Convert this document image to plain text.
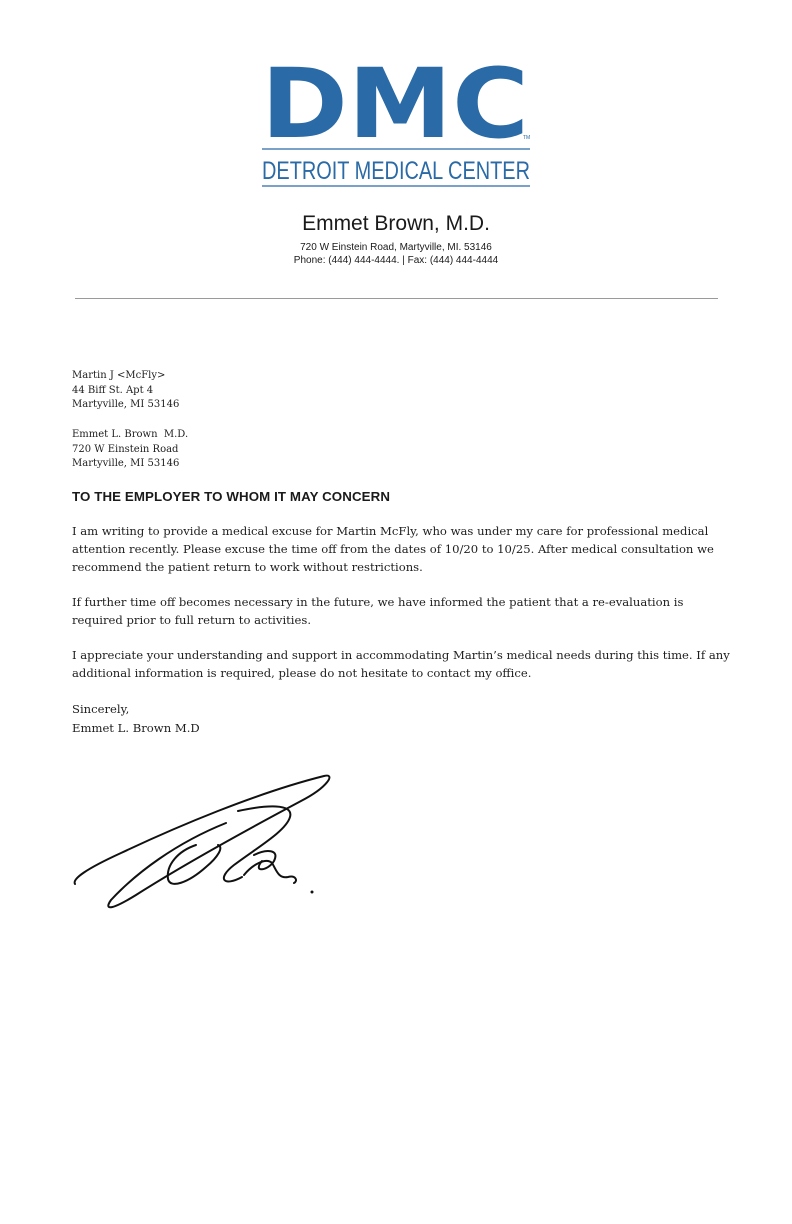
DMC
TM
DETROIT MEDICAL CENTER
Emmet Brown, M.D.
720 W Einstein Road, Martyville, MI. 53146
Phone: (444) 444-4444. | Fax: (444) 444-4444
Martin J <McFly>
44 Biff St. Apt 4
Martyville, MI 53146
Emmet L. Brown  M.D.
720 W Einstein Road
Martyville, MI 53146
TO THE EMPLOYER TO WHOM IT MAY CONCERN

I am writing to provide a medical excuse for Martin McFly, who was under my care for professional medical attention recently. Please excuse the time off from the dates of 10/20 to 10/25. After medical consultation we recommend the patient return to work without restrictions.

If further time off becomes necessary in the future, we have informed the patient that a re-evaluation is required prior to full return to activities.

I appreciate your understanding and support in accommodating Martin’s medical needs during this time. If any additional information is required, please do not hesitate to contact my office.

Sincerely,
Emmet L. Brown M.D
